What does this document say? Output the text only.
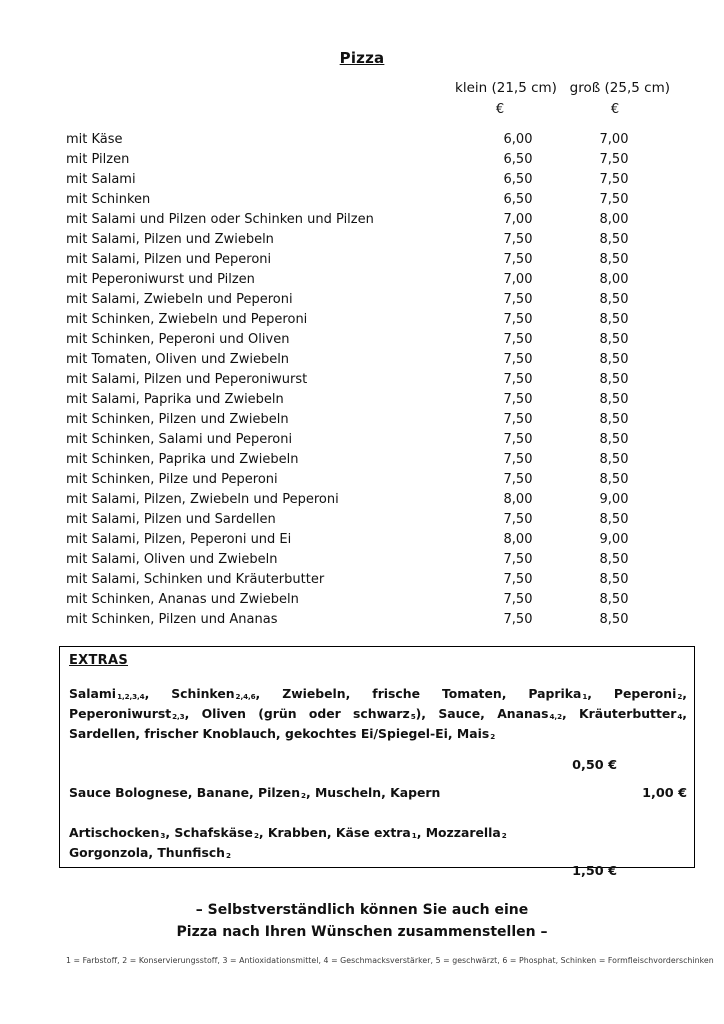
Pizza
klein (21,5 cm) groß (25,5 cm)
€	€
mit Käse	6,00	7,00
mit Pilzen	6,50	7,50
mit Salami	6,50	7,50
mit Schinken	6,50	7,50
mit Salami und Pilzen oder Schinken und Pilzen	7,00	8,00
mit Salami, Pilzen und Zwiebeln	7,50	8,50
mit Salami, Pilzen und Peperoni	7,50	8,50
mit Peperoniwurst und Pilzen	7,00	8,00
mit Salami, Zwiebeln und Peperoni	7,50	8,50
mit Schinken, Zwiebeln und Peperoni	7,50	8,50
mit Schinken, Peperoni und Oliven	7,50	8,50
mit Tomaten, Oliven und Zwiebeln	7,50	8,50
mit Salami, Pilzen und Peperoniwurst	7,50	8,50
mit Salami, Paprika und Zwiebeln	7,50	8,50
mit Schinken, Pilzen und Zwiebeln	7,50	8,50
mit Schinken, Salami und Peperoni	7,50	8,50
mit Schinken, Paprika und Zwiebeln	7,50	8,50
mit Schinken, Pilze und Peperoni	7,50	8,50
mit Salami, Pilzen, Zwiebeln und Peperoni	8,00	9,00
mit Salami, Pilzen und Sardellen	7,50	8,50
mit Salami, Pilzen, Peperoni und Ei	8,00	9,00
mit Salami, Oliven und Zwiebeln	7,50	8,50
mit Salami, Schinken und Kräuterbutter	7,50	8,50
mit Schinken, Ananas und Zwiebeln	7,50	8,50
mit Schinken, Pilzen und Ananas	7,50	8,50
EXTRAS
Salami$^{1,2,3,4}$, Schinken$^{2,4,6}$, Zwiebeln, frische Tomaten, Paprika$^1$, Peperoni$^2$, Peperoniwurst$^{2,3}$, Oliven (grün oder schwarz$^5$), Sauce, Ananas$^{4,2}$, Kräuterbutter$^4$, Sardellen, frischer Knoblauch, gekochtes Ei/Spiegel-Ei, Mais$^2$
0,50 €
Sauce Bolognese, Banane, Pilzen$^2$, Muscheln, Kapern	1,00 €
Artischocken$^3$, Schafskäse$^2$, Krabben, Käse extra$^1$, Mozzarella$^2$
Gorgonzola, Thunfisch$^2$
1,50 €
– Selbstverständlich können Sie auch eine
Pizza nach Ihren Wünschen zusammenstellen –
1 = Farbstoff, 2 = Konservierungsstoff, 3 = Antioxidationsmittel, 4 = Geschmacksverstärker, 5 = geschwärzt, 6 = Phosphat, Schinken = Formfleischvorderschinken
